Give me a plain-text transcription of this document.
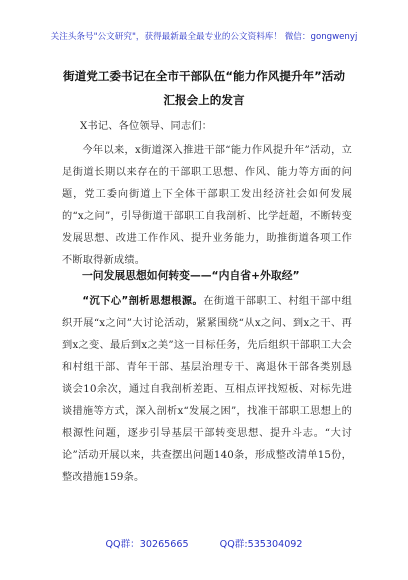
关注头条号"公文研究"，获得最新最全最专业的公文资料库！ 微信：gongwenyj
街道党工委书记在全市干部队伍“能力作风提升年”活动
汇报会上的发言
X书记、各位领导、同志们：
今年以来，x街道深入推进干部“能力作风提升年”活动，立足街道长期以来存在的干部职工思想、作风、能力等方面的问题，党工委向街道上下全体干部职工发出经济社会如何发展的“x之问”，引导街道干部职工自我剖析、比学赶超，不断转变发展思想、改进工作作风、提升业务能力，助推街道各项工作不断取得新成绩。
一问发展思想如何转变——“内自省+外取经”
“沉下心”剖析思想根源。在街道干部职工、村组干部中组织开展“x之问”大讨论活动，紧紧围绕“从x之问、到x之干、再到x之变、最后到x之美”这一目标任务，先后组织干部职工大会和村组干部、青年干部、基层治理专干、离退休干部各类别恳谈会10余次，通过自我剖析差距、互相点评找短板、对标先进谈措施等方式，深入剖析x“发展之困”，找准干部职工思想上的根源性问题，逐步引导基层干部转变思想、提升斗志。“大讨论”活动开展以来，共查摆出问题140条，形成整改清单15份，整改措施159条。
QQ群：30265665	QQ群:535304092
